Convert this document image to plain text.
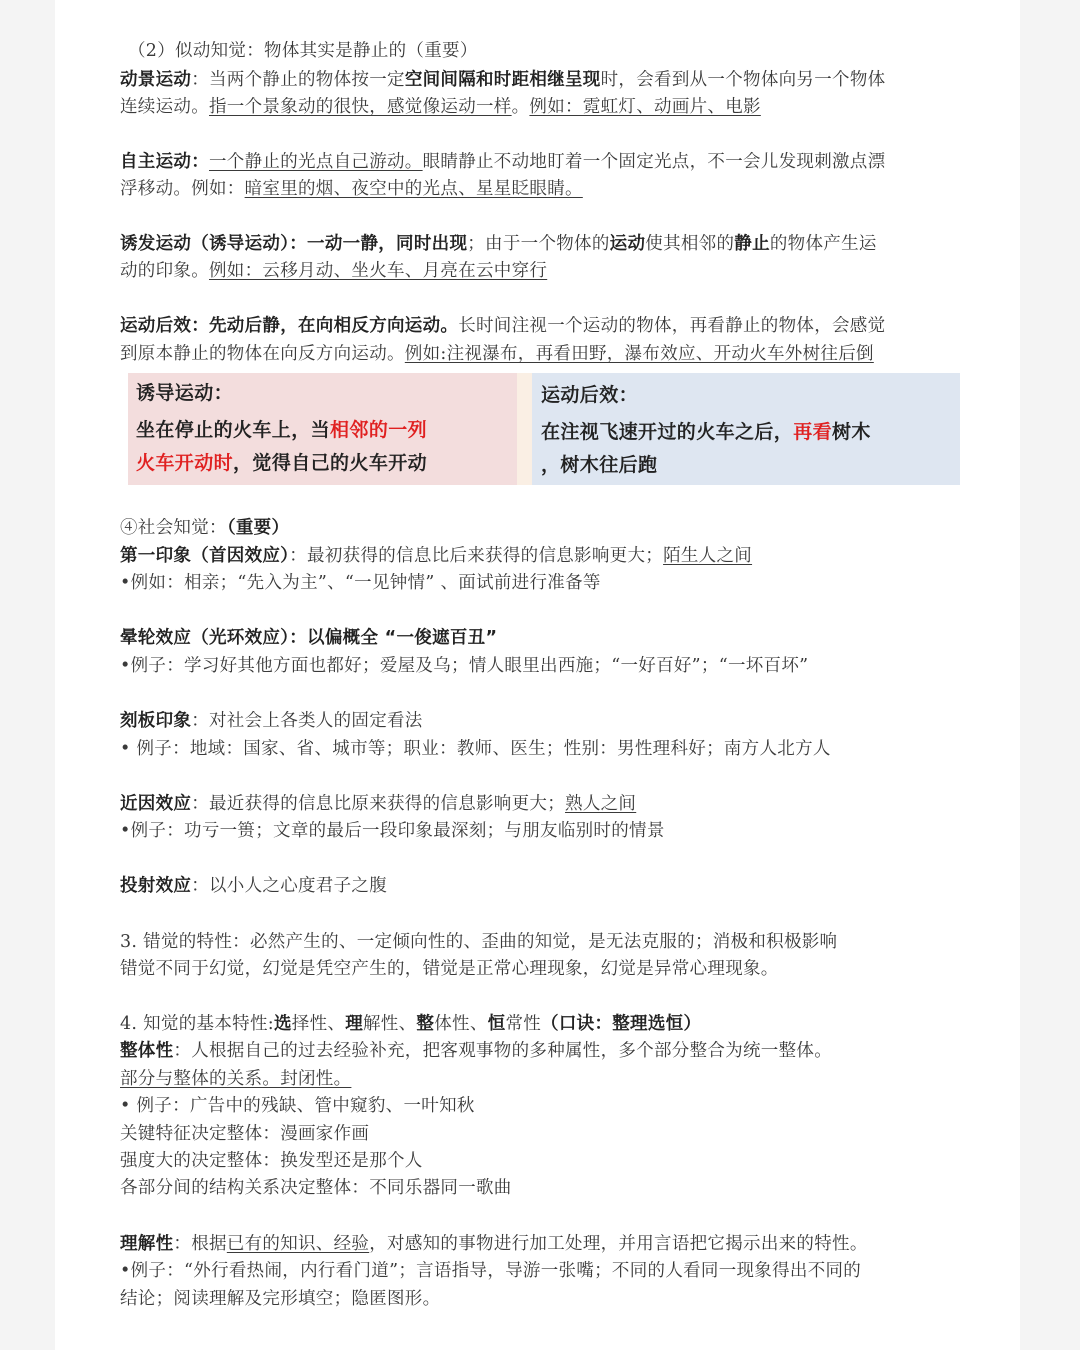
（2）似动知觉：物体其实是静止的（重要）
动景运动：当两个静止的物体按一定空间间隔和时距相继呈现时，会看到从一个物体向另一个物体
连续运动。指一个景象动的很快，感觉像运动一样。例如：霓虹灯、动画片、电影
自主运动：一个静止的光点自己游动。眼睛静止不动地盯着一个固定光点，不一会儿发现刺激点漂
浮移动。例如：暗室里的烟、夜空中的光点、星星眨眼睛。
诱发运动（诱导运动）：一动一静，同时出现；由于一个物体的运动使其相邻的静止的物体产生运
动的印象。例如：云移月动、坐火车、月亮在云中穿行
运动后效：先动后静，在向相反方向运动。长时间注视一个运动的物体，再看静止的物体，会感觉
到原本静止的物体在向反方向运动。例如:注视瀑布，再看田野，瀑布效应、开动火车外树往后倒
诱导运动：
坐在停止的火车上，当相邻的一列
火车开动时，觉得自己的火车开动
运动后效：
在注视飞速开过的火车之后，再看树木
，树木往后跑
④社会知觉：（重要）
第一印象（首因效应）：最初获得的信息比后来获得的信息影响更大；陌生人之间
•例如：相亲；“先入为主”、“一见钟情” 、面试前进行准备等
晕轮效应（光环效应）：以偏概全 “一俊遮百丑”
•例子：学习好其他方面也都好；爱屋及乌；情人眼里出西施；“一好百好”；“一坏百坏”
刻板印象：对社会上各类人的固定看法
• 例子：地域：国家、省、城市等；职业：教师、医生；性别：男性理科好；南方人北方人
近因效应：最近获得的信息比原来获得的信息影响更大；熟人之间
•例子：功亏一篑；文章的最后一段印象最深刻；与朋友临别时的情景
投射效应：以小人之心度君子之腹
3. 错觉的特性：必然产生的、一定倾向性的、歪曲的知觉，是无法克服的；消极和积极影响
错觉不同于幻觉，幻觉是凭空产生的，错觉是正常心理现象，幻觉是异常心理现象。
4. 知觉的基本特性:选择性、理解性、整体性、恒常性（口诀：整理选恒）
整体性：人根据自己的过去经验补充，把客观事物的多种属性，多个部分整合为统一整体。
部分与整体的关系。封闭性。
• 例子：广告中的残缺、管中窥豹、一叶知秋
关键特征决定整体：漫画家作画
强度大的决定整体：换发型还是那个人
各部分间的结构关系决定整体：不同乐器同一歌曲
理解性：根据已有的知识、经验，对感知的事物进行加工处理，并用言语把它揭示出来的特性。
•例子：“外行看热闹，内行看门道”；言语指导，导游一张嘴；不同的人看同一现象得出不同的
结论；阅读理解及完形填空；隐匿图形。
